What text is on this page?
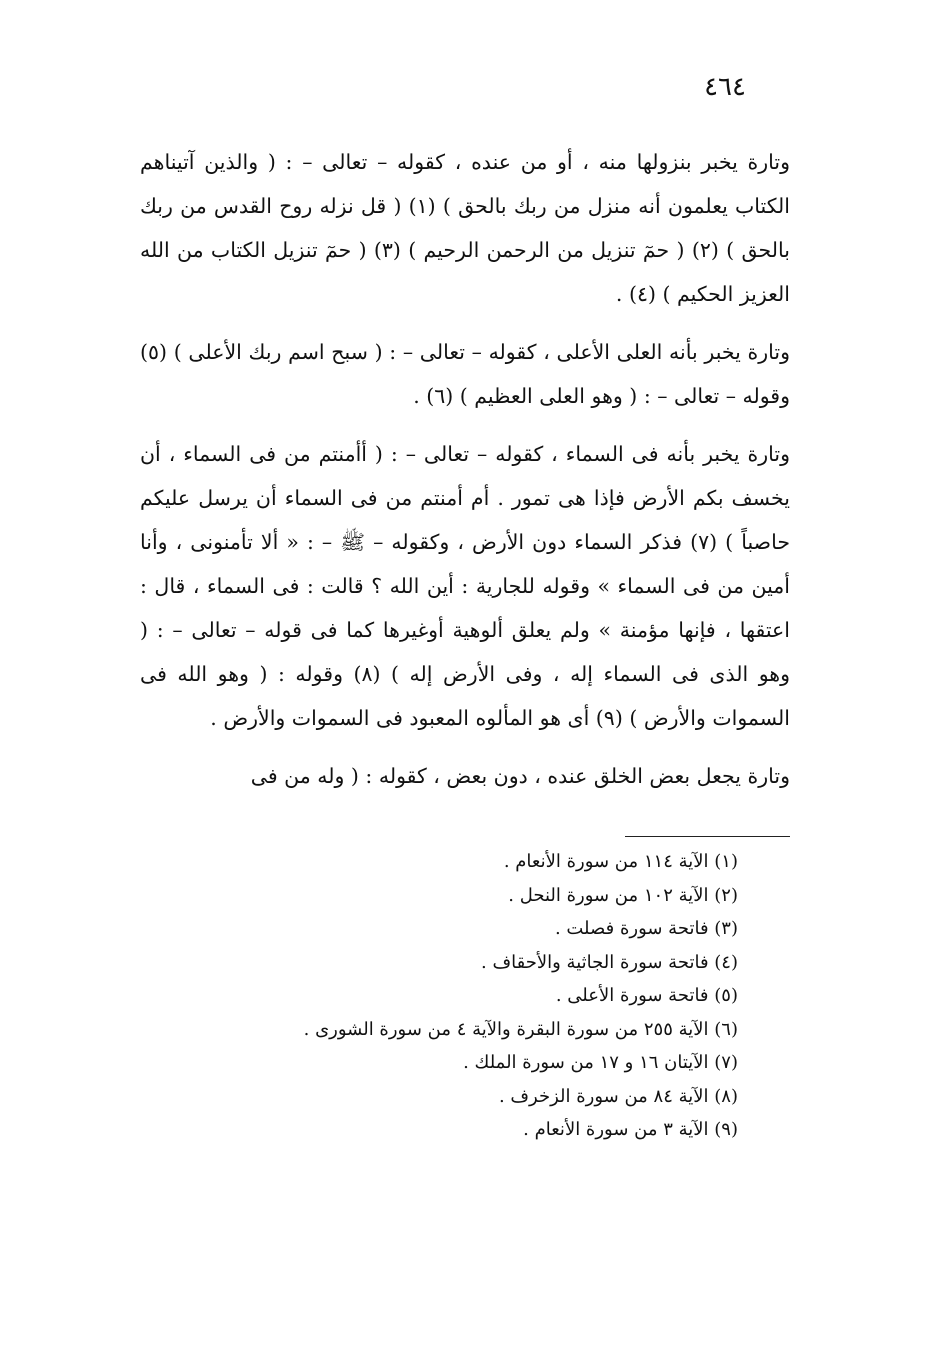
٤٦٤

وتارة يخبر بنزولها منه ، أو من عنده ، كقوله – تعالى – : ( والذين آتيناهم الكتاب يعلمون أنه منزل من ربك بالحق ) (١) ( قل نزله روح القدس من ربك بالحق ) (٢) ( حمٓ تنزيل من الرحمن الرحيم ) (٣) ( حمٓ تنزيل الكتاب من الله العزيز الحكيم ) (٤) .

وتارة يخبر بأنه العلى الأعلى ، كقوله – تعالى – : ( سبح اسم ربك الأعلى ) (٥) وقوله – تعالى – : ( وهو العلى العظيم ) (٦) .

وتارة يخبر بأنه فى السماء ، كقوله – تعالى – : ( أأمنتم من فى السماء ، أن يخسف بكم الأرض فإذا هى تمور . أم أمنتم من فى السماء أن يرسل عليكم حاصباً ) (٧) فذكر السماء دون الأرض ، وكقوله – ﷺ – : « ألا تأمنونى ، وأنا أمين من فى السماء » وقوله للجارية : أين الله ؟ قالت : فى السماء ، قال : اعتقها ، فإنها مؤمنة » ولم يعلق ألوهية أوغيرها كما فى قوله – تعالى – : ( وهو الذى فى السماء إله ، وفى الأرض إله ) (٨) وقوله : ( وهو الله فى السموات والأرض ) (٩) أى هو المألوه المعبود فى السموات والأرض .

وتارة يجعل بعض الخلق عنده ، دون بعض ، كقوله : ( وله من فى

(١) الآية ١١٤ من سورة الأنعام .
(٢) الآية ١٠٢ من سورة النحل .
(٣) فاتحة سورة فصلت .
(٤) فاتحة سورة الجاثية والأحقاف .
(٥) فاتحة سورة الأعلى .
(٦) الآية ٢٥٥ من سورة البقرة والآية ٤ من سورة الشورى .
(٧) الآيتان ١٦ و ١٧ من سورة الملك .
(٨) الآية ٨٤ من سورة الزخرف .
(٩) الآية ٣ من سورة الأنعام .
